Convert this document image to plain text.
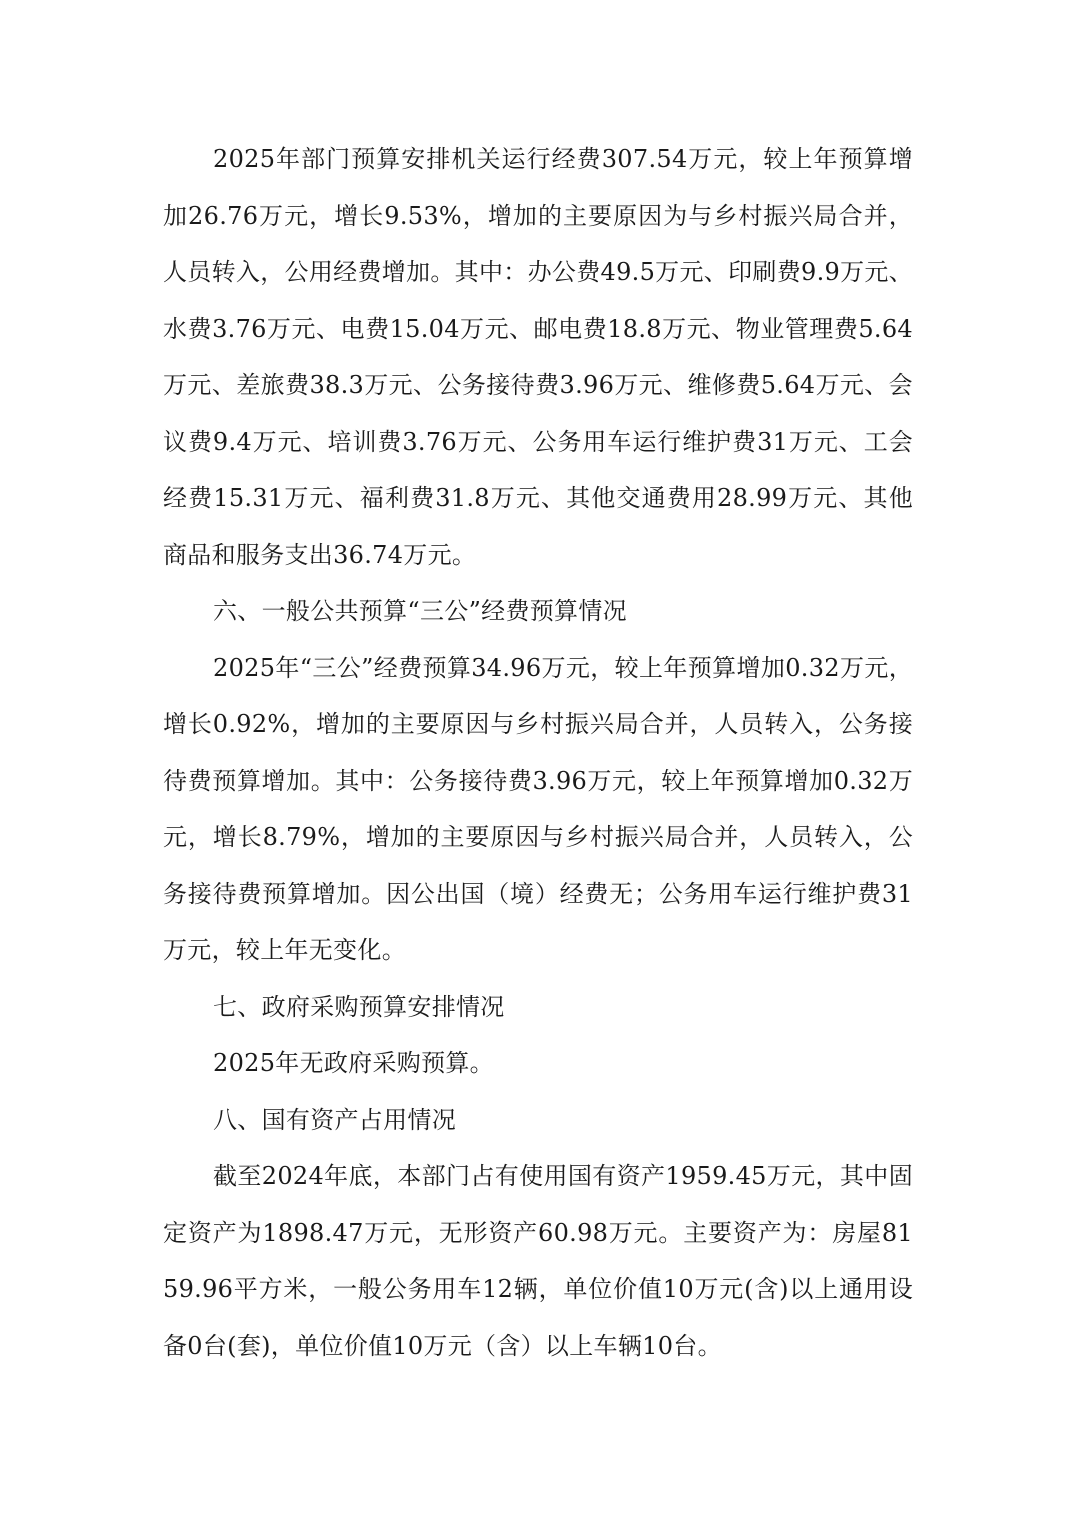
2025年部门预算安排机关运行经费307.54万元，较上年预算增加26.76万元，增长9.53%，增加的主要原因为与乡村振兴局合并，人员转入，公用经费增加。其中：办公费49.5万元、印刷费9.9万元、水费3.76万元、电费15.04万元、邮电费18.8万元、物业管理费5.64万元、差旅费38.3万元、公务接待费3.96万元、维修费5.64万元、会议费9.4万元、培训费3.76万元、公务用车运行维护费31万元、工会经费15.31万元、福利费31.8万元、其他交通费用28.99万元、其他商品和服务支出36.74万元。

六、一般公共预算“三公”经费预算情况

2025年“三公”经费预算34.96万元，较上年预算增加0.32万元，增长0.92%，增加的主要原因与乡村振兴局合并，人员转入，公务接待费预算增加。其中：公务接待费3.96万元，较上年预算增加0.32万元，增长8.79%，增加的主要原因与乡村振兴局合并，人员转入，公务接待费预算增加。因公出国（境）经费无；公务用车运行维护费31万元，较上年无变化。

七、政府采购预算安排情况

2025年无政府采购预算。

八、国有资产占用情况

截至2024年底，本部门占有使用国有资产1959.45万元，其中固定资产为1898.47万元，无形资产60.98万元。主要资产为：房屋8159.96平方米，一般公务用车12辆，单位价值10万元(含)以上通用设备0台(套)，单位价值10万元（含）以上车辆10台。
